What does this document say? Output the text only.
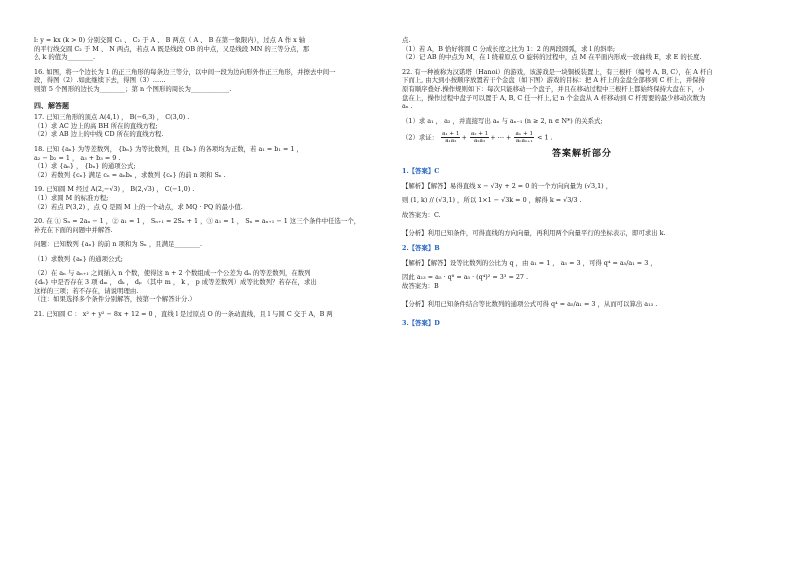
l: y = kx (k > 0) 分别交圆 C₁ 、 C₂ 于 A 、 B 两点（ A 、 B 在第一象限内），过点 A 作 x 轴
的平行线交圆 C₂ 于 M 、 N 两点，若点 A 既是线段 OB 的中点，又是线段 MN 的三等分点，那
么 k 的值为________.
16. 如图，将一个边长为 1 的正三角形的每条边三等分，以中间一段为边向形外作正三角形，并擦去中间一
段，得图（2）.如此继续下去，得图（3）……
则第 5 个图形的边长为________；第 n 个图形的周长为____________.
四、解答题
17. 已知三角形的顶点 A(4,1) ， B(−6,3) ， C(3,0) .
（1）求 AC 边上的高 BH 所在的直线方程;
（2）求 AB 边上的中线 CD 所在的直线方程.
18. 已知 {aₙ} 为等差数列， {bₙ} 为等比数列，且 {bₙ} 的各项均为正数，若 a₁ = b₁ = 1 ，
a₂ − b₂ = 1 ， a₃ + b₃ = 9 .
（1）求 {aₙ} ， {bₙ} 的通项公式;
（2）若数列 {cₙ} 满足 cₙ = aₙbₙ ，求数列 {cₙ} 的前 n 项和 Sₙ .
19. 已知圆 M 经过 A(2,−√3) ， B(2,√3) ， C(−1,0) .
（1）求圆 M 的标准方程;
（2）若点 P(3,2) ，点 Q 是圆 M 上的一个动点，求 MQ · PQ 的最小值.
20. 在 ① Sₙ = 2aₙ − 1 ，② a₁ = 1 ， Sₙ₊₁ = 2Sₙ + 1 ，③ a₁ = 1 ， Sₙ = aₙ₊₁ − 1 这三个条件中任选一个，
补充在下面的问题中并解答.
问题：已知数列 {aₙ} 的前 n 项和为 Sₙ ，且满足________.
（1）求数列 {aₙ} 的通项公式;
（2）在 aₙ 与 aₙ₊₁ 之间插入 n 个数，使得这 n + 2 个数组成一个公差为 dₙ 的等差数列，在数列
{dₙ} 中是否存在 3 项 dₘ ， dₖ ， dₚ （其中 m ， k ， p 成等差数列）成等比数列？若存在，求出
这样的三项；若不存在，请说明理由.
（注：如果选择多个条件分别解答，按第一个解答计分.）
21. 已知圆 C ： x² + y² − 8x + 12 = 0 ，直线 l 是过原点 O 的一条动直线，且 l 与圆 C 交于 A，B 两
点.
（1）若 A，B 恰好将圆 C 分成长度之比为 1：2 的两段圆弧，求 l 的斜率;
（2）记 AB 的中点为 M，在 l 绕着原点 O 旋转的过程中，点 M 在平面内形成一段曲线 E，求 E 的长度.
22. 有一种被称为汉诺塔（Hanoi）的游戏，该游戏是一块铜板装置上，有三根杆（编号 A, B, C），在 A 杆自
下而上, 由大到小按顺序放置若干个金盘（如下图）游戏的目标：把 A 杆上的金盘全部移到 C 杆上，并保持
原有顺序叠好.操作规则如下：每次只能移动一个盘子，并且在移动过程中三根杆上都始终保持大盘在下，小
盘在上，操作过程中盘子可以置于 A, B, C 任一杆上,记 n 个金盘从 A 杆移动到 C 杆需要的最少移动次数为
aₙ .
（1）求 a₁ ， a₂ ，并直接写出 aₙ 与 aₙ₋₁ (n ≥ 2, n ∈ N*) 的关系式;
（2）求证： $\frac{\text{a₁ + 1}}{\text{a₁a₂}} + \frac{\text{a₂ + 1}}{\text{a₂a₃}}$ + ⋯ + $\frac{\text{aₙ + 1}}{\text{aₙaₙ₊₁}} < 1$ .
答案解析部分
1.【答案】C
【解析】【解答】易得直线 x − √3y + 2 = 0 的一个方向向量为 (√3,1) ，
则 (1, k) // (√3,1) ，所以 1×1 − √3k = 0 ，解得 k = √3/3 .
故答案为：C.
【分析】利用已知条件，可得直线的方向向量，再利用两个向量平行的坐标表示，即可求出 k.
2.【答案】B
【解析】【解答】设等比数列的公比为 q ，由 a₁ = 1 ， a₅ = 3 ，可得 q⁴ = a₅/a₁ = 3 ，
因此 a₁₃ = a₅ · q⁸ = a₅ · (q⁴)² = 3³ = 27 .
故答案为：B
【分析】利用已知条件结合等比数列的通项公式可得 q⁴ = a₅/a₁ = 3 ，从而可以算出 a₁₃ .
3.【答案】D
